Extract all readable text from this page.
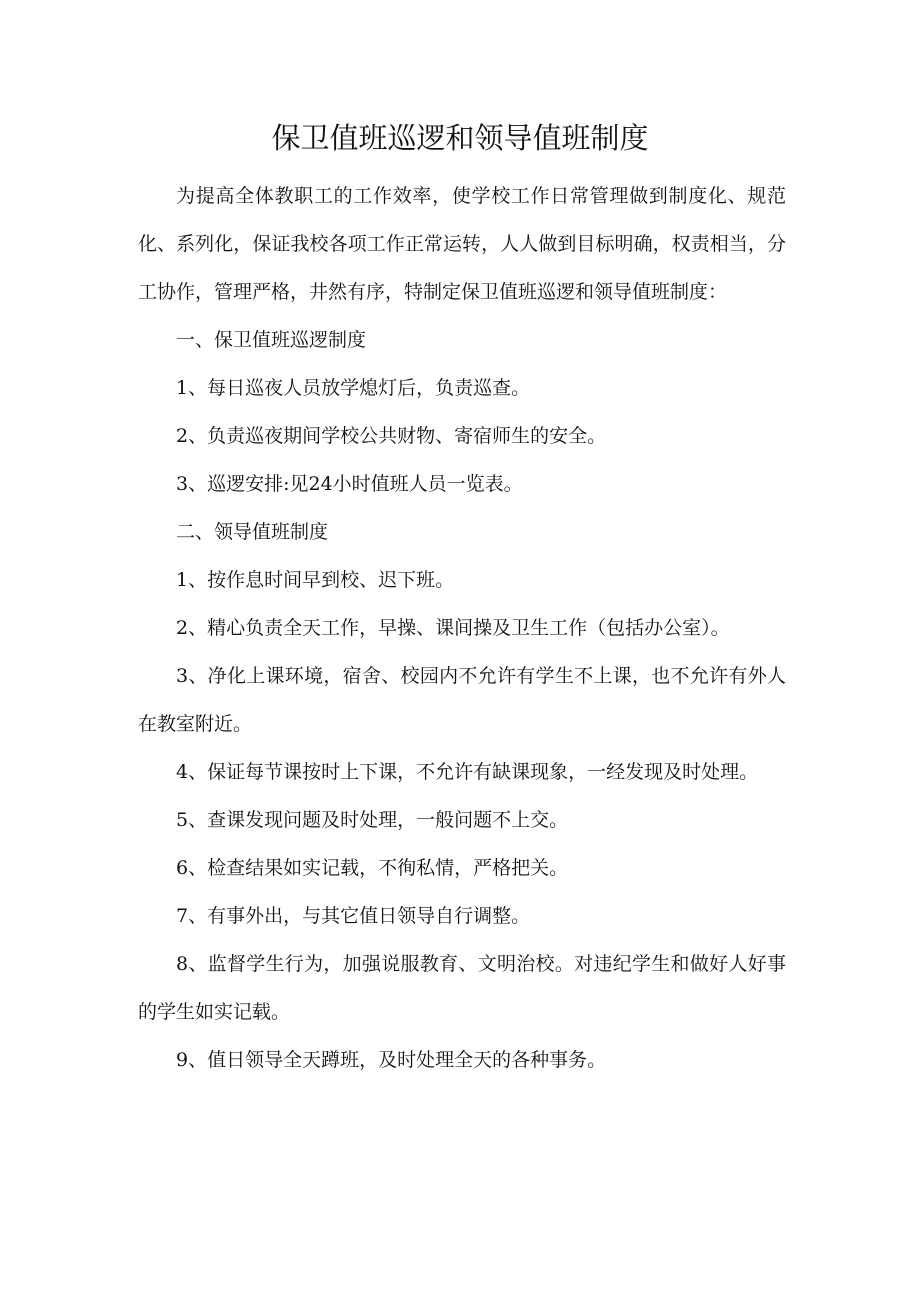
保卫值班巡逻和领导值班制度

为提高全体教职工的工作效率，使学校工作日常管理做到制度化、规范化、系列化，保证我校各项工作正常运转，人人做到目标明确，权责相当，分工协作，管理严格，井然有序，特制定保卫值班巡逻和领导值班制度：

一、保卫值班巡逻制度

1、每日巡夜人员放学熄灯后，负责巡查。

2、负责巡夜期间学校公共财物、寄宿师生的安全。

3、巡逻安排:见24小时值班人员一览表。

二、领导值班制度

1、按作息时间早到校、迟下班。

2、精心负责全天工作，早操、课间操及卫生工作（包括办公室）。

3、净化上课环境，宿舍、校园内不允许有学生不上课，也不允许有外人在教室附近。

4、保证每节课按时上下课，不允许有缺课现象，一经发现及时处理。

5、查课发现问题及时处理，一般问题不上交。

6、检查结果如实记载，不徇私情，严格把关。

7、有事外出，与其它值日领导自行调整。

8、监督学生行为，加强说服教育、文明治校。对违纪学生和做好人好事的学生如实记载。

9、值日领导全天蹲班，及时处理全天的各种事务。
